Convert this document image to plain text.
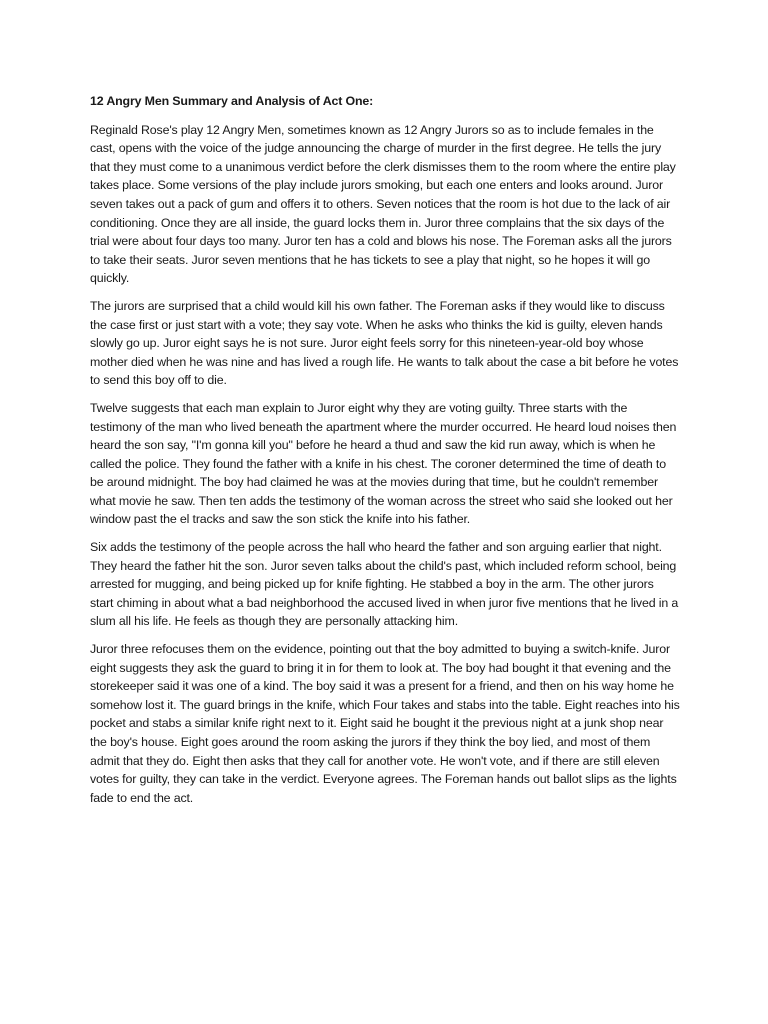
12 Angry Men Summary and Analysis of Act One:

Reginald Rose's play 12 Angry Men, sometimes known as 12 Angry Jurors so as to include females in the cast, opens with the voice of the judge announcing the charge of murder in the first degree. He tells the jury that they must come to a unanimous verdict before the clerk dismisses them to the room where the entire play takes place. Some versions of the play include jurors smoking, but each one enters and looks around. Juror seven takes out a pack of gum and offers it to others. Seven notices that the room is hot due to the lack of air conditioning. Once they are all inside, the guard locks them in. Juror three complains that the six days of the trial were about four days too many. Juror ten has a cold and blows his nose. The Foreman asks all the jurors to take their seats. Juror seven mentions that he has tickets to see a play that night, so he hopes it will go quickly.

The jurors are surprised that a child would kill his own father. The Foreman asks if they would like to discuss the case first or just start with a vote; they say vote. When he asks who thinks the kid is guilty, eleven hands slowly go up. Juror eight says he is not sure. Juror eight feels sorry for this nineteen-year-old boy whose mother died when he was nine and has lived a rough life. He wants to talk about the case a bit before he votes to send this boy off to die.

Twelve suggests that each man explain to Juror eight why they are voting guilty. Three starts with the testimony of the man who lived beneath the apartment where the murder occurred. He heard loud noises then heard the son say, "I'm gonna kill you" before he heard a thud and saw the kid run away, which is when he called the police. They found the father with a knife in his chest. The coroner determined the time of death to be around midnight. The boy had claimed he was at the movies during that time, but he couldn't remember what movie he saw. Then ten adds the testimony of the woman across the street who said she looked out her window past the el tracks and saw the son stick the knife into his father.

Six adds the testimony of the people across the hall who heard the father and son arguing earlier that night. They heard the father hit the son. Juror seven talks about the child's past, which included reform school, being arrested for mugging, and being picked up for knife fighting. He stabbed a boy in the arm. The other jurors start chiming in about what a bad neighborhood the accused lived in when juror five mentions that he lived in a slum all his life. He feels as though they are personally attacking him.

Juror three refocuses them on the evidence, pointing out that the boy admitted to buying a switch-knife. Juror eight suggests they ask the guard to bring it in for them to look at. The boy had bought it that evening and the storekeeper said it was one of a kind. The boy said it was a present for a friend, and then on his way home he somehow lost it. The guard brings in the knife, which Four takes and stabs into the table. Eight reaches into his pocket and stabs a similar knife right next to it. Eight said he bought it the previous night at a junk shop near the boy's house. Eight goes around the room asking the jurors if they think the boy lied, and most of them admit that they do. Eight then asks that they call for another vote. He won't vote, and if there are still eleven votes for guilty, they can take in the verdict. Everyone agrees. The Foreman hands out ballot slips as the lights fade to end the act.
